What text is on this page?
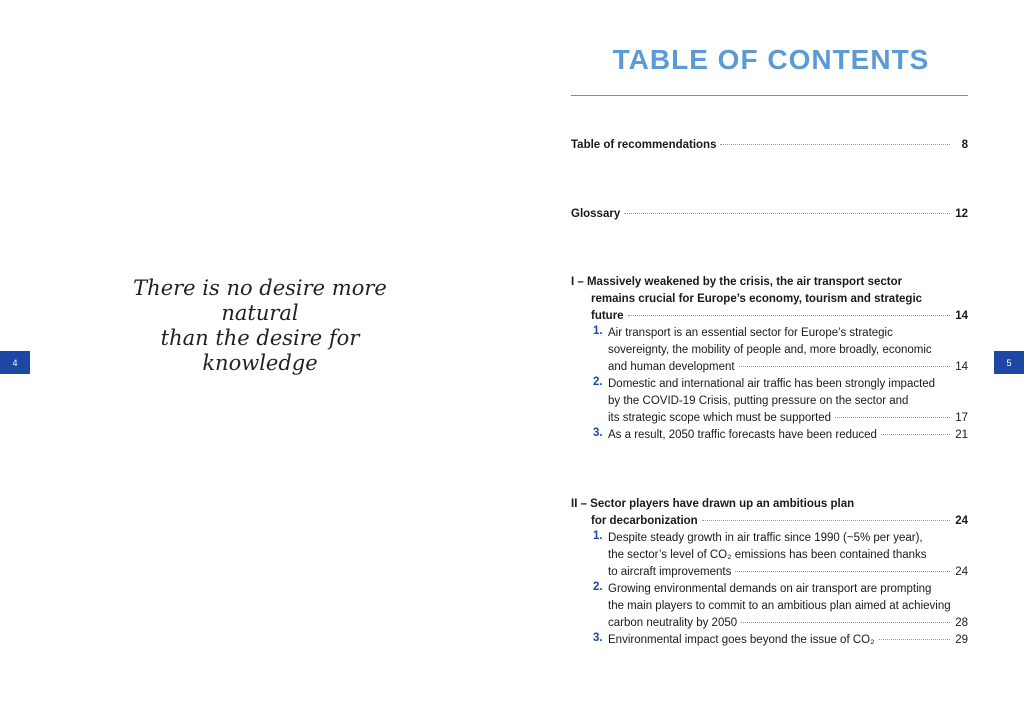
There is no desire more natural
than the desire for knowledge
4
TABLE OF CONTENTS
Table of recommendations	8
Glossary	12
I – Massively weakened by the crisis, the air transport sector
remains crucial for Europe’s economy, tourism and strategic
future	14
1. Air transport is an essential sector for Europe’s strategic
sovereignty, the mobility of people and, more broadly, economic
and human development	14
2. Domestic and international air traffic has been strongly impacted
by the COVID-19 Crisis, putting pressure on the sector and
its strategic scope which must be supported	17
3. As a result, 2050 traffic forecasts have been reduced	21
II – Sector players have drawn up an ambitious plan
for decarbonization	24
1. Despite steady growth in air traffic since 1990 (~5% per year),
the sector’s level of CO₂ emissions has been contained thanks
to aircraft improvements	24
2. Growing environmental demands on air transport are prompting
the main players to commit to an ambitious plan aimed at achieving
carbon neutrality by 2050	28
3. Environmental impact goes beyond the issue of CO₂	29
5
